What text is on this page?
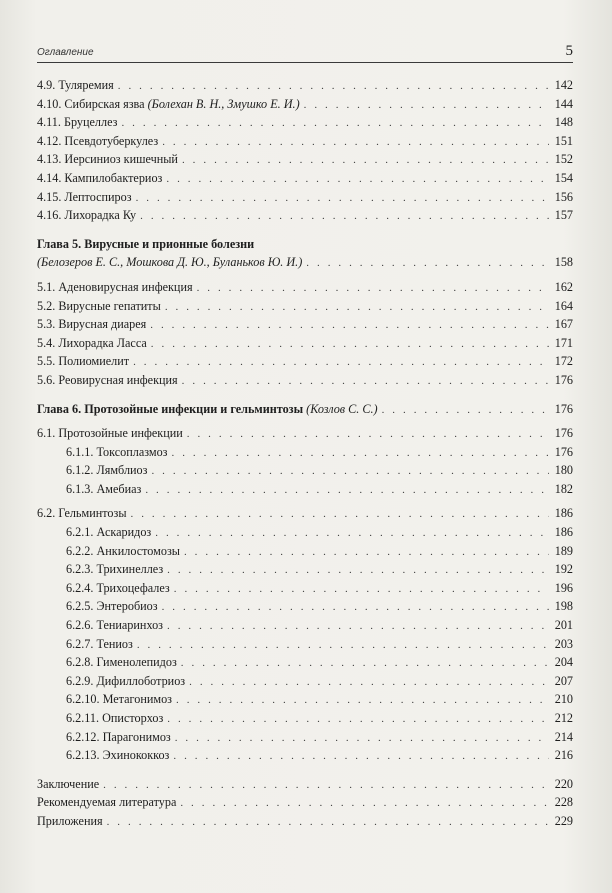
Оглавление	5
4.9. Туляремия . . .	142
4.10. Сибирская язва (Болехан В. Н., Змушко Е. И.) . . .	144
4.11. Бруцеллез . . .	148
4.12. Псевдотуберкулез . . .	151
4.13. Иерсиниоз кишечный . . .	152
4.14. Кампилобактериоз . . .	154
4.15. Лептоспироз . . .	156
4.16. Лихорадка Ку . . .	157
Глава 5. Вирусные и прионные болезни
(Белозеров Е. С., Мошкова Д. Ю., Буланьков Ю. И.) . . .	158
5.1. Аденовирусная инфекция . . .	162
5.2. Вирусные гепатиты . . .	164
5.3. Вирусная диарея . . .	167
5.4. Лихорадка Ласса . . .	171
5.5. Полиомиелит . . .	172
5.6. Реовирусная инфекция . . .	176
Глава 6. Протозойные инфекции и гельминтозы (Козлов С. С.) . . .	176
6.1. Протозойные инфекции . . .	176
6.1.1. Токсоплазмоз . . .	176
6.1.2. Лямблиоз . . .	180
6.1.3. Амебиаз . . .	182
6.2. Гельминтозы . . .	186
6.2.1. Аскаридоз . . .	186
6.2.2. Анкилостомозы . . .	189
6.2.3. Трихинеллез . . .	192
6.2.4. Трихоцефалез . . .	196
6.2.5. Энтеробиоз . . .	198
6.2.6. Тениаринхоз . . .	201
6.2.7. Тениоз . . .	203
6.2.8. Гименолепидоз . . .	204
6.2.9. Дифиллоботриоз . . .	207
6.2.10. Метагонимоз . . .	210
6.2.11. Описторхоз . . .	212
6.2.12. Парагонимоз . . .	214
6.2.13. Эхинококкоз . . .	216
Заключение . . .	220
Рекомендуемая литература . . .	228
Приложения . . .	229
